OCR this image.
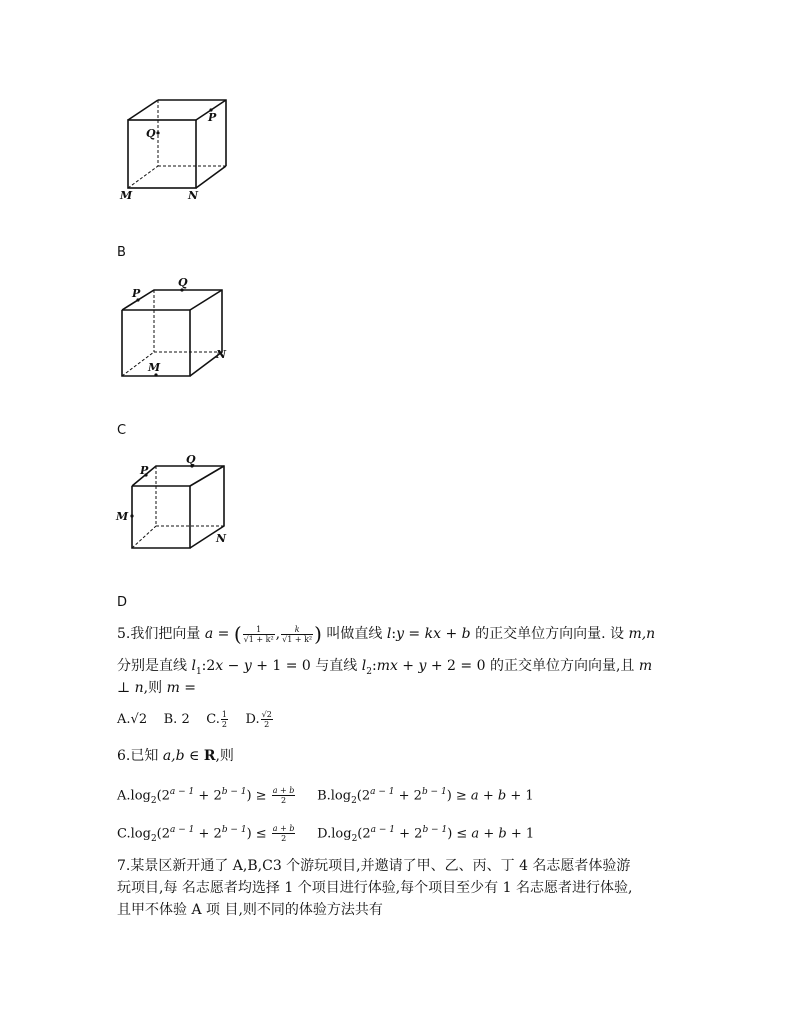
P
Q
M	N
B
P
Q
M
N
C
P
Q
M
N
D
5.我们把向量 a = ( $\frac{1}{\text{√1 + k²}}$ , $\frac{k}{\text{√1 + k²}}$ ) 叫做直线 l:y = kx + b 的正交单位方向向量. 设 m,n
分别是直线 $l_1:2x - y + 1 = 0$ 与直线 $l_2:mx + y + 2 = 0$ 的正交单位方向向量,且 m
⊥ n,则 m =
A.√2    B. 2 C. $\frac{1}{2} D$. $\frac{√2}{2}$
6.已知 a,b ∈ R,则
$A.\log_2(2^{a - 1} + 2^{b - 1}) \ge \frac{a + b}{2} B.\log_2(2^{a - 1} + 2^{b - 1}) \ge a + b + 1$
$C.\log_2(2^{a - 1} + 2^{b - 1}) \le \frac{a + b}{2} D.\log_2(2^{a - 1} + 2^{b - 1}) \le a + b + 1$
7.某景区新开通了 A,B,C3 个游玩项目,并邀请了甲、乙、丙、丁 4 名志愿者体验游
玩项目,每 名志愿者均选择 1 个项目进行体验,每个项目至少有 1 名志愿者进行体验,
且甲不体验 A 项 目,则不同的体验方法共有
